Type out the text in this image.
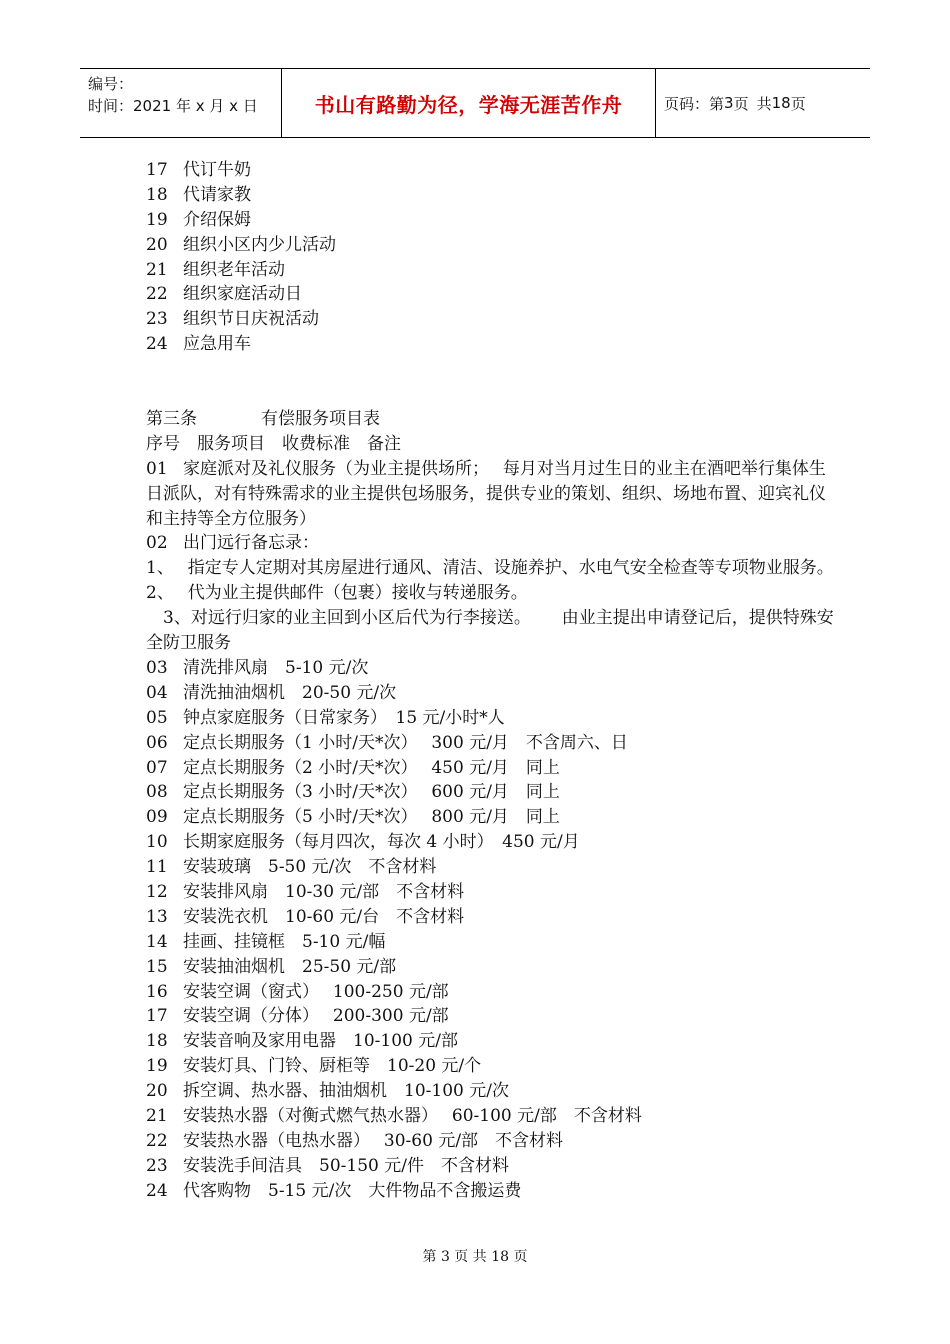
编号：
时间：2021 年 x 月 x 日	书山有路勤为径，学海无涯苦作舟	页码：第 3 页 共 18 页
17 代订牛奶
18 代请家教
19 介绍保姆
20 组织小区内少儿活动
21 组织老年活动
22 组织家庭活动日
23 组织节日庆祝活动
24 应急用车
第三条	有偿服务项目表
序号　服务项目　收费标准　备注
01 家庭派对及礼仪服务（为业主提供场所；　 每月对当月过生日的业主在酒吧举行集体生日派队，对有特殊需求的业主提供包场服务，提供专业的策划、组织、场地布置、迎宾礼仪和主持等全方位服务）
02 出门远行备忘录：
1、　 指定专人定期对其房屋进行通风、清洁、设施养护、水电气安全检查等专项物业服务。
2、　 代为业主提供邮件（包裹）接收与转递服务。
　3、对远行归家的业主回到小区后代为行李接送。　　 由业主提出申请登记后，提供特殊安全防卫服务
03 清洗排风扇　5-10 元/次
04 清洗抽油烟机　20-50 元/次
05 钟点家庭服务（日常家务）　15 元/小时*人
06 定点长期服务（1 小时/天*次）　 300 元/月　不含周六、日
07 定点长期服务（2 小时/天*次）　 450 元/月　同上
08 定点长期服务（3 小时/天*次）　 600 元/月　同上
09 定点长期服务（5 小时/天*次）　 800 元/月　同上
10 长期家庭服务（每月四次，每次 4 小时）　450 元/月
11 安装玻璃　5-50 元/次　不含材料
12 安装排风扇　10-30 元/部　不含材料
13 安装洗衣机　10-60 元/台　不含材料
14 挂画、挂镜框　5-10 元/幅
15 安装抽油烟机　25-50 元/部
16 安装空调（窗式）　 100-250 元/部
17 安装空调（分体）　 200-300 元/部
18 安装音响及家用电器　10-100 元/部
19 安装灯具、门铃、厨柜等　10-20 元/个
20 拆空调、热水器、抽油烟机　10-100 元/次
21 安装热水器（对衡式燃气热水器）　 60-100 元/部　不含材料
22 安装热水器（电热水器）　 30-60 元/部　不含材料
23 安装洗手间洁具　50-150 元/件　不含材料
24 代客购物　5-15 元/次　大件物品不含搬运费
第 3 页 共 18 页
